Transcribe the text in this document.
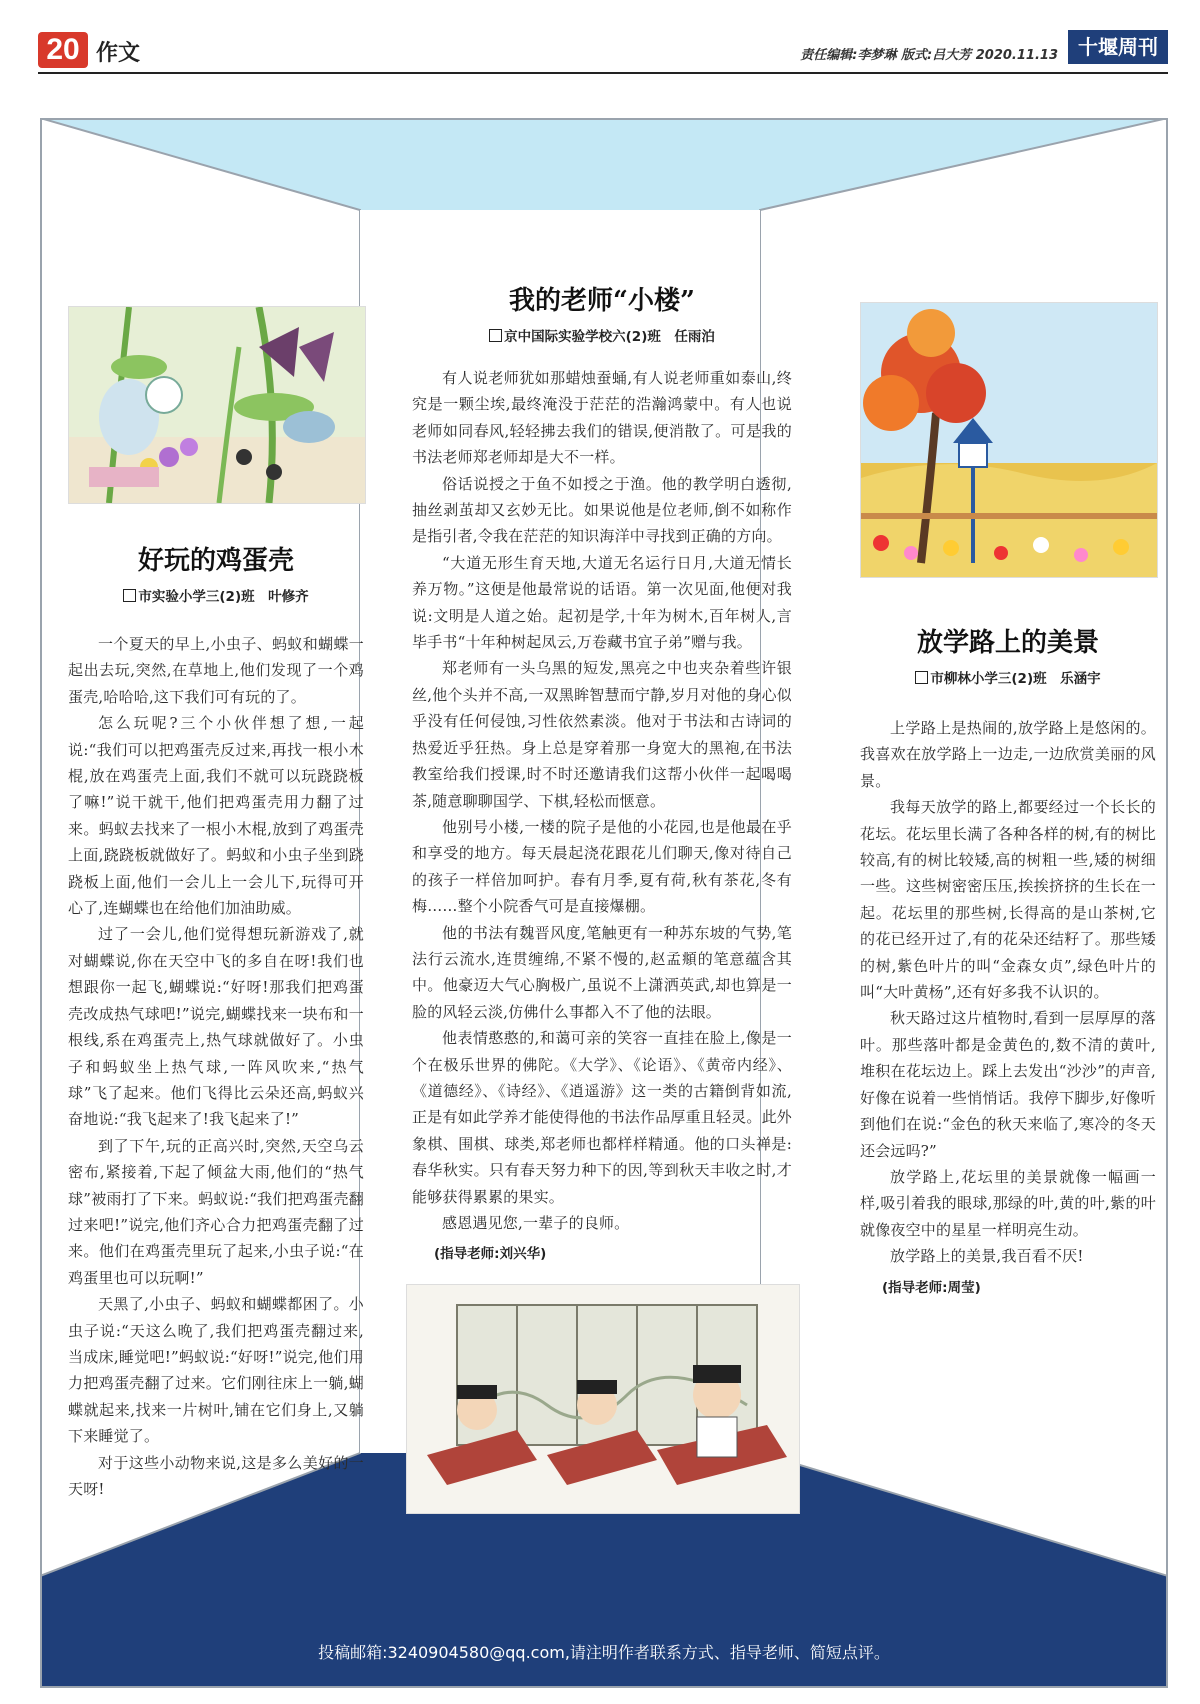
20 作文	责任编辑:李梦琳 版式:吕大芳 2020.11.13	十堰周刊
好玩的鸡蛋壳
市实验小学三(2)班　叶修齐

一个夏天的早上,小虫子、蚂蚁和蝴蝶一起出去玩,突然,在草地上,他们发现了一个鸡蛋壳,哈哈哈,这下我们可有玩的了。

怎么玩呢?三个小伙伴想了想,一起说:“我们可以把鸡蛋壳反过来,再找一根小木棍,放在鸡蛋壳上面,我们不就可以玩跷跷板了嘛!”说干就干,他们把鸡蛋壳用力翻了过来。蚂蚁去找来了一根小木棍,放到了鸡蛋壳上面,跷跷板就做好了。蚂蚁和小虫子坐到跷跷板上面,他们一会儿上一会儿下,玩得可开心了,连蝴蝶也在给他们加油助威。

过了一会儿,他们觉得想玩新游戏了,就对蝴蝶说,你在天空中飞的多自在呀!我们也想跟你一起飞,蝴蝶说:“好呀!那我们把鸡蛋壳改成热气球吧!”说完,蝴蝶找来一块布和一根线,系在鸡蛋壳上,热气球就做好了。小虫子和蚂蚁坐上热气球,一阵风吹来,“热气球”飞了起来。他们飞得比云朵还高,蚂蚁兴奋地说:“我飞起来了!我飞起来了!”

到了下午,玩的正高兴时,突然,天空乌云密布,紧接着,下起了倾盆大雨,他们的“热气球”被雨打了下来。蚂蚁说:“我们把鸡蛋壳翻过来吧!”说完,他们齐心合力把鸡蛋壳翻了过来。他们在鸡蛋壳里玩了起来,小虫子说:“在鸡蛋里也可以玩啊!”

天黑了,小虫子、蚂蚁和蝴蝶都困了。小虫子说:“天这么晚了,我们把鸡蛋壳翻过来,当成床,睡觉吧!”蚂蚁说:“好呀!”说完,他们用力把鸡蛋壳翻了过来。它们刚往床上一躺,蝴蝶就起来,找来一片树叶,铺在它们身上,又躺下来睡觉了。

对于这些小动物来说,这是多么美好的一天呀!

我的老师“小楼”
京中国际实验学校六(2)班　任雨泊

有人说老师犹如那蜡烛蚕蛹,有人说老师重如泰山,终究是一颗尘埃,最终淹没于茫茫的浩瀚鸿蒙中。有人也说老师如同春风,轻轻拂去我们的错误,便消散了。可是我的书法老师郑老师却是大不一样。

俗话说授之于鱼不如授之于渔。他的教学明白透彻,抽丝剥茧却又玄妙无比。如果说他是位老师,倒不如称作是指引者,令我在茫茫的知识海洋中寻找到正确的方向。

“大道无形生育天地,大道无名运行日月,大道无情长养万物。”这便是他最常说的话语。第一次见面,他便对我说:文明是人道之始。起初是学,十年为树木,百年树人,言毕手书“十年种树起凤云,万卷藏书宜子弟”赠与我。

郑老师有一头乌黑的短发,黑亮之中也夹杂着些许银丝,他个头并不高,一双黑眸智慧而宁静,岁月对他的身心似乎没有任何侵蚀,习性依然素淡。他对于书法和古诗词的热爱近乎狂热。身上总是穿着那一身宽大的黑袍,在书法教室给我们授课,时不时还邀请我们这帮小伙伴一起喝喝茶,随意聊聊国学、下棋,轻松而惬意。

他别号小楼,一楼的院子是他的小花园,也是他最在乎和享受的地方。每天晨起浇花跟花儿们聊天,像对待自己的孩子一样倍加呵护。春有月季,夏有荷,秋有茶花,冬有梅……整个小院香气可是直接爆棚。

他的书法有魏晋风度,笔触更有一种苏东坡的气势,笔法行云流水,连贯缠绵,不紧不慢的,赵孟頫的笔意蕴含其中。他豪迈大气心胸极广,虽说不上潇洒英武,却也算是一脸的风轻云淡,仿佛什么事都入不了他的法眼。

他表情憨憨的,和蔼可亲的笑容一直挂在脸上,像是一个在极乐世界的佛陀。《大学》、《论语》、《黄帝内经》、《道德经》、《诗经》、《逍遥游》这一类的古籍倒背如流,正是有如此学养才能使得他的书法作品厚重且轻灵。此外象棋、围棋、球类,郑老师也都样样精通。他的口头禅是:春华秋实。只有春天努力种下的因,等到秋天丰收之时,才能够获得累累的果实。

感恩遇见您,一辈子的良师。

(指导老师:刘兴华)
放学路上的美景
市柳林小学三(2)班　乐涵宇

上学路上是热闹的,放学路上是悠闲的。我喜欢在放学路上一边走,一边欣赏美丽的风景。

我每天放学的路上,都要经过一个长长的花坛。花坛里长满了各种各样的树,有的树比较高,有的树比较矮,高的树粗一些,矮的树细一些。这些树密密压压,挨挨挤挤的生长在一起。花坛里的那些树,长得高的是山茶树,它的花已经开过了,有的花朵还结籽了。那些矮的树,紫色叶片的叫“金森女贞”,绿色叶片的叫“大叶黄杨”,还有好多我不认识的。

秋天路过这片植物时,看到一层厚厚的落叶。那些落叶都是金黄色的,数不清的黄叶,堆积在花坛边上。踩上去发出“沙沙”的声音,好像在说着一些悄悄话。我停下脚步,好像听到他们在说:“金色的秋天来临了,寒冷的冬天还会远吗?”

放学路上,花坛里的美景就像一幅画一样,吸引着我的眼球,那绿的叶,黄的叶,紫的叶就像夜空中的星星一样明亮生动。

放学路上的美景,我百看不厌!

(指导老师:周莹)
投稿邮箱:3240904580@qq.com,请注明作者联系方式、指导老师、简短点评。
